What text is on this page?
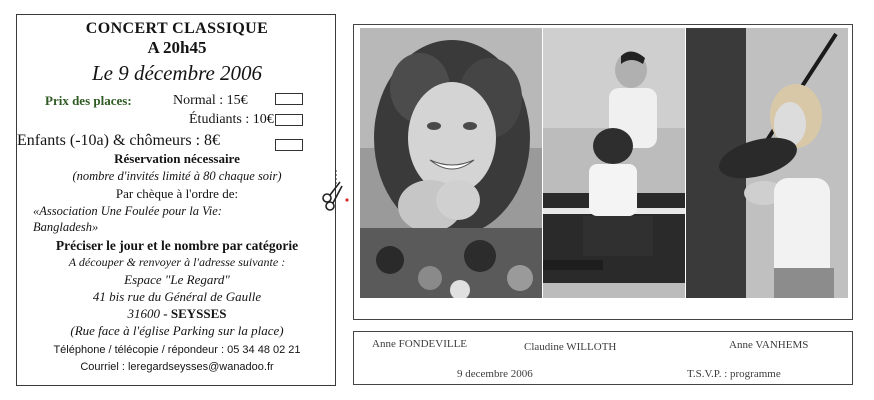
CONCERT CLASSIQUE
A 20h45
Le 9 décembre 2006
Prix des places:	Normal : 15€
Étudiants : 10€
Enfants (-10a) & chômeurs : 8€
Réservation nécessaire
(nombre d'invités limité à 80 chaque soir)
Par chèque à l'ordre de:
«Association Une Foulée pour la Vie:
Bangladesh»
Préciser le jour et le nombre par catégorie
A découper & renvoyer à l'adresse suivante :
Espace "Le Regard"
41 bis rue du Général de Gaulle
31600 - SEYSSES
(Rue face à l'église Parking sur la place)
Téléphone / télécopie / répondeur : 05 34 48 02 21
Courriel : leregardseysses@wanadoo.fr
Anne FONDEVILLE	Claudine WILLOTH	Anne VANHEMS
9 decembre 2006	T.S.V.P. : programme
